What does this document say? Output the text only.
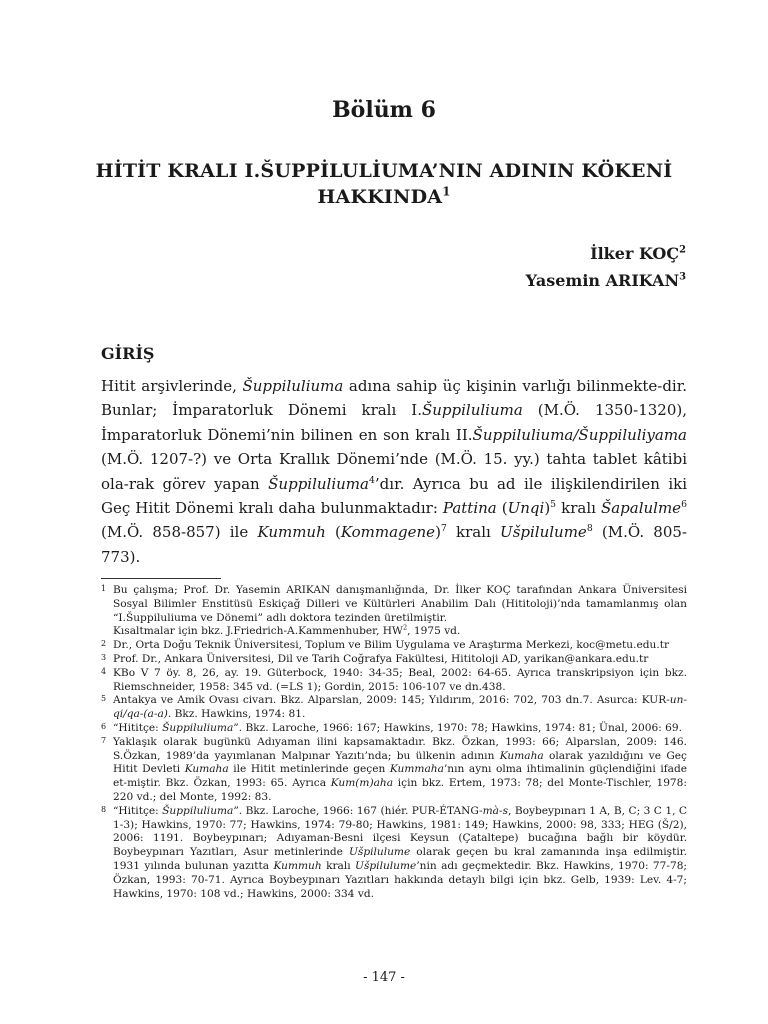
Bölüm 6
HİTİT KRALI I.ŠUPPİLULİUMA’NIN ADININ KÖKENİ
HAKKINDA$^1$
İlker KOÇ$^2$
Yasemin ARIKAN$^3$
GİRİŞ

Hitit arşivlerinde, Šuppiluliuma adına sahip üç kişinin varlığı bilinmekte-dir. Bunlar; İmparatorluk Dönemi kralı I.Šuppiluliuma (M.Ö. 1350-1320), İmparatorluk Dönemi’nin bilinen en son kralı II.Šuppiluliuma/Šuppiluliyama (M.Ö. 1207-?) ve Orta Krallık Dönemi’nde (M.Ö. 15. yy.) tahta tablet kâtibi ola-rak görev yapan Šuppiluliuma$^4$’dır. Ayrıca bu ad ile ilişkilendirilen iki Geç Hitit Dönemi kralı daha bulunmaktadır: Pattina (Unqi)$^5$ kralı Šapalulme$^6$ (M.Ö. 858-857) ile Kummuh (Kommagene)$^7$ kralı Ušpilulume$^8$ (M.Ö. 805-773).

1 Bu çalışma; Prof. Dr. Yasemin ARIKAN danışmanlığında, Dr. İlker KOÇ tarafından Ankara Üniversitesi Sosyal Bilimler Enstitüsü Eskiçağ Dilleri ve Kültürleri Anabilim Dalı (Hititoloji)’nda tamamlanmış olan “I.Šuppiluliuma ve Dönemi” adlı doktora tezinden üretilmiştir.
Kısaltmalar için bkz. J.Friedrich-A.Kammenhuber, $HW^2$, 1975 vd.
2 Dr., Orta Doğu Teknik Üniversitesi, Toplum ve Bilim Uygulama ve Araştırma Merkezi, koc@metu.edu.tr
3 Prof. Dr., Ankara Üniversitesi, Dil ve Tarih Coğrafya Fakültesi, Hititoloji AD, yarikan@ankara.edu.tr
4 KBo V 7 öy. 8, 26, ay. 19. Güterbock, 1940: 34-35; Beal, 2002: 64-65. Ayrıca transkripsiyon için bkz. Riemschneider, 1958: 345 vd. (=LS 1); Gordin, 2015: 106-107 ve dn.438.
5 Antakya ve Amik Ovası civarı. Bkz. Alparslan, 2009: 145; Yıldırım, 2016: 702, 703 dn.7. Asurca: KUR-un-qi/qa-(a-a). Bkz. Hawkins, 1974: 81.
6 “Hititçe: Šuppiluliuma”. Bkz. Laroche, 1966: 167; Hawkins, 1970: 78; Hawkins, 1974: 81; Ünal, 2006: 69.
7 Yaklaşık olarak bugünkü Adıyaman ilini kapsamaktadır. Bkz. Özkan, 1993: 66; Alparslan, 2009: 146. S.Özkan, 1989’da yayımlanan Malpınar Yazıtı’nda; bu ülkenin adının Kumaha olarak yazıldığını ve Geç Hitit Devleti Kumaha ile Hitit metinlerinde geçen Kummaha’nın aynı olma ihtimalinin güçlendiğini ifade et-miştir. Bkz. Özkan, 1993: 65. Ayrıca Kum(m)aha için bkz. Ertem, 1973: 78; del Monte-Tischler, 1978: 220 vd.; del Monte, 1992: 83.
8 “Hititçe: Šuppiluliuma”. Bkz. Laroche, 1966: 167 (hiér. PUR-ÉTANG-mà-s, Boybeypınarı 1 A, B, C; 3 C 1, C 1-3); Hawkins, 1970: 77; Hawkins, 1974: 79-80; Hawkins, 1981: 149; Hawkins, 2000: 98, 333; HEG (Š/2), 2006: 1191. Boybeypınarı; Adıyaman-Besni ilçesi Keysun (Çataltepe) bucağına bağlı bir köydür. Boybeypınarı Yazıtları, Asur metinlerinde Ušpilulume olarak geçen bu kral zamanında inşa edilmiştir. 1931 yılında bulunan yazıtta Kummuh kralı Ušpilulume’nin adı geçmektedir. Bkz. Hawkins, 1970: 77-78; Özkan, 1993: 70-71. Ayrıca Boybeypınarı Yazıtları hakkında detaylı bilgi için bkz. Gelb, 1939: Lev. 4-7; Hawkins, 1970: 108 vd.; Hawkins, 2000: 334 vd.
- 147 -
